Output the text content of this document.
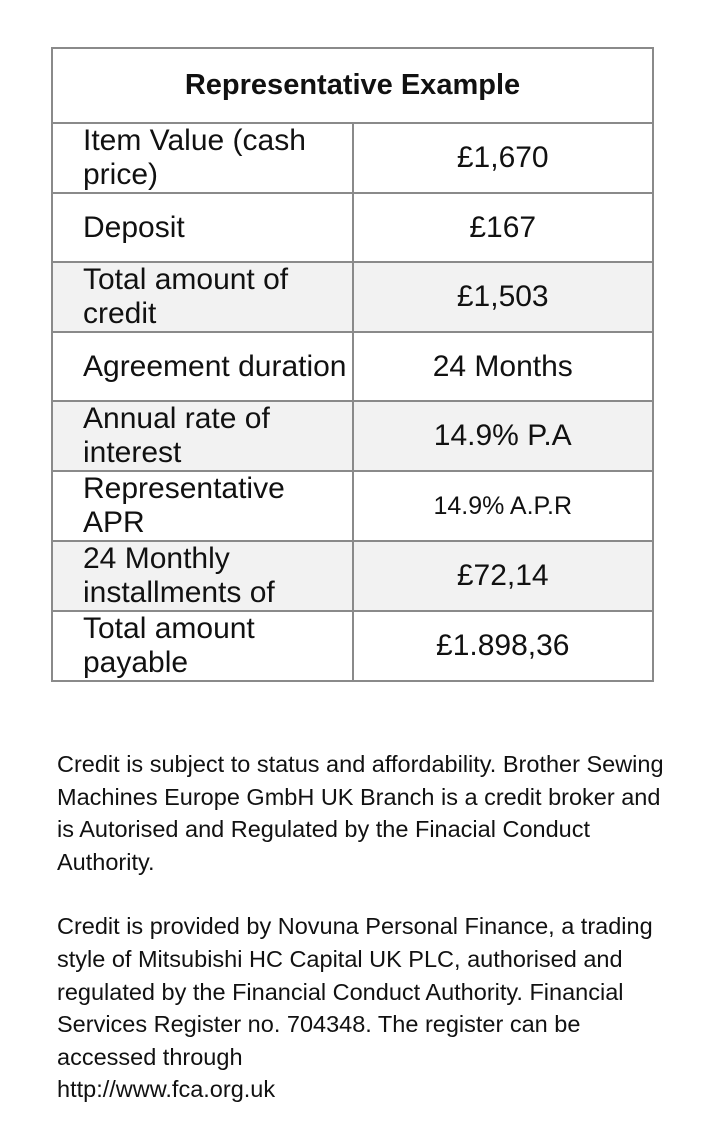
Representative Example	
Item Value (cash price)	£1,670
Deposit	£167
Total amount of credit	£1,503
Agreement duration	24 Months
Annual rate of interest	14.9% P.A
Representative APR	14.9% A.P.R
24 Monthly installments of	£72,14
Total amount payable	£1.898,36

Credit is subject to status and affordability. Brother Sewing Machines Europe GmbH UK Branch is a credit broker and is Autorised and Regulated by the Finacial Conduct Authority.

Credit is provided by Novuna Personal Finance, a trading style of Mitsubishi HC Capital UK PLC, authorised and regulated by the Financial Conduct Authority. Financial Services Register no. 704348. The register can be accessed through
http://www.fca.org.uk
